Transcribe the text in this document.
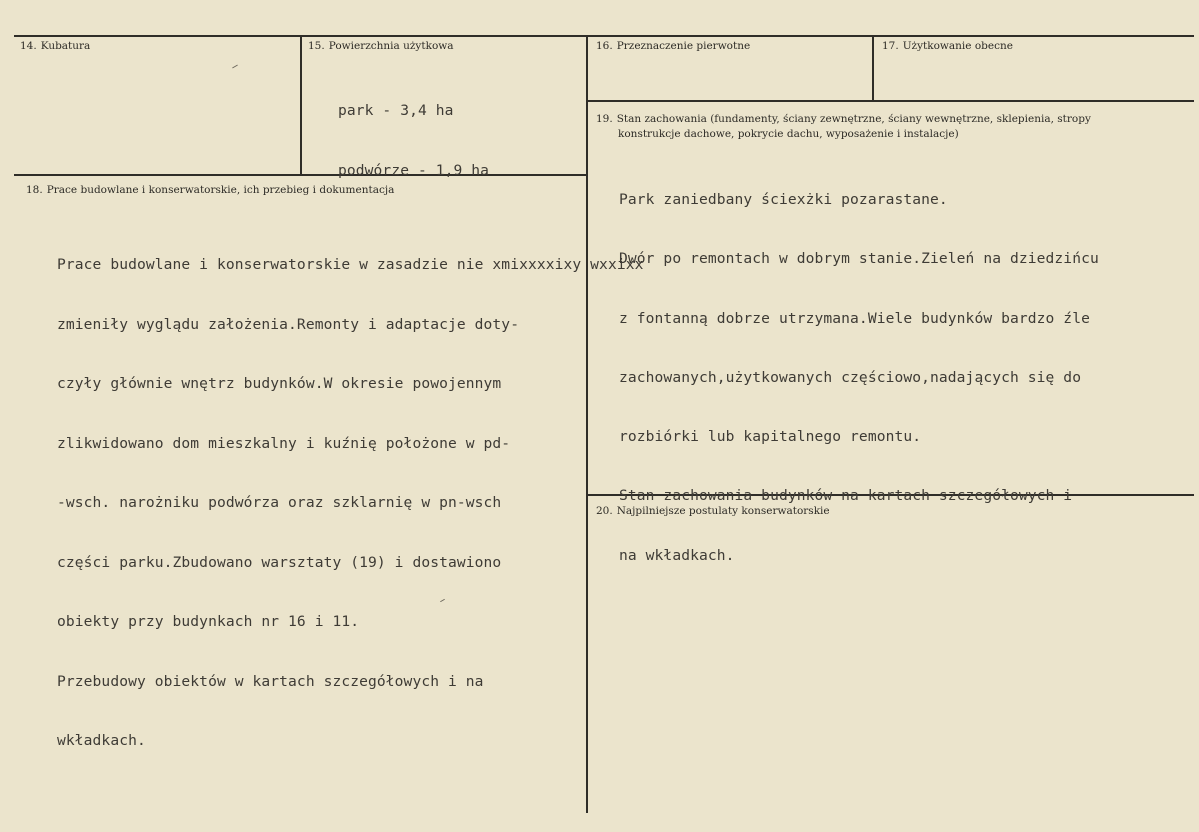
14. Kubatura	15. Powierzchnia użytkowa

park - 3,4 ha

podwórze - 1,9 ha

16. Przeznaczenie pierwotne	17. Użytkowanie obecne
19. Stan zachowania (fundamenty, ściany zewnętrzne, ściany wewnętrzne, sklepienia, stropy
konstrukcje dachowe, pokrycie dachu, wyposażenie i instalacje)

Park zaniedbany ściexżki pozarastane.

Dwór po remontach w dobrym stanie.Zieleń na dziedzińcu

z fontanną dobrze utrzymana.Wiele budynków bardzo źle

zachowanych,użytkowanych częściowo,nadających się do

rozbiórki lub kapitalnego remontu.

Stan zachowania budynków na kartach szczegółowych i

na wkładkach.

18. Prace budowlane i konserwatorskie, ich przebieg i dokumentacja

Prace budowlane i konserwatorskie w zasadzie nie xmixxxxixy wxxixx

zmieniły wyglądu założenia.Remonty i adaptacje doty-

czyły głównie wnętrz budynków.W okresie powojennym

zlikwidowano dom mieszkalny i kuźnię położone w pd-

-wsch. narożniku podwórza oraz szklarnię w pn-wsch

części parku.Zbudowano warsztaty (19) i dostawiono

obiekty przy budynkach nr 16 i 11.

Przebudowy obiektów w kartach szczegółowych i na

wkładkach.

20. Najpilniejsze postulaty konserwatorskie
